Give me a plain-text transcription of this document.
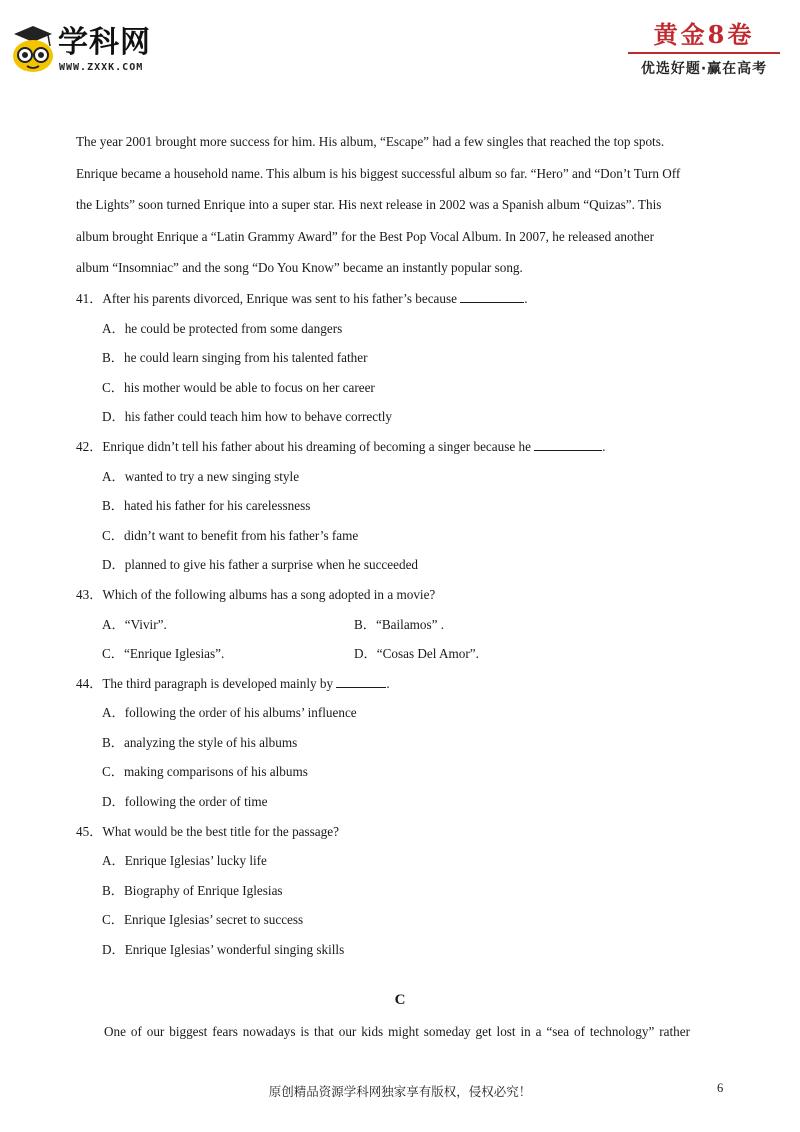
学科网
WWW.ZXXK.COM
黄金8卷
优选好题·赢在高考
The year 2001 brought more success for him. His album, “Escape” had a few singles that reached the top spots.
Enrique became a household name. This album is his biggest successful album so far. “Hero” and “Don’t Turn Off
the Lights” soon turned Enrique into a super star. His next release in 2002 was a Spanish album “Quizas”. This
album brought Enrique a “Latin Grammy Award” for the Best Pop Vocal Album. In 2007, he released another
album “Insomniac” and the song “Do You Know” became an instantly popular song.
41．After his parents divorced, Enrique was sent to his father’s because	.
A．he could be protected from some dangers
B．he could learn singing from his talented father
C．his mother would be able to focus on her career
D．his father could teach him how to behave correctly
42．Enrique didn’t tell his father about his dreaming of becoming a singer because he	.
A．wanted to try a new singing style
B．hated his father for his carelessness
C．didn’t want to benefit from his father’s fame
D．planned to give his father a surprise when he succeeded
43．Which of the following albums has a song adopted in a movie?
A．“Vivir”.	B．“Bailamos” .
C．“Enrique Iglesias”.	D．“Cosas Del Amor”.
44．The third paragraph is developed mainly by	.
A．following the order of his albums’ influence
B．analyzing the style of his albums
C．making comparisons of his albums
D．following the order of time
45．What would be the best title for the passage?
A．Enrique Iglesias’ lucky life
B．Biography of Enrique Iglesias
C．Enrique Iglesias’ secret to success
D．Enrique Iglesias’ wonderful singing skills
C
One of our biggest fears nowadays is that our kids might someday get lost in a “sea of technology” rather
原创精品资源学科网独家享有版权，侵权必究！	6
